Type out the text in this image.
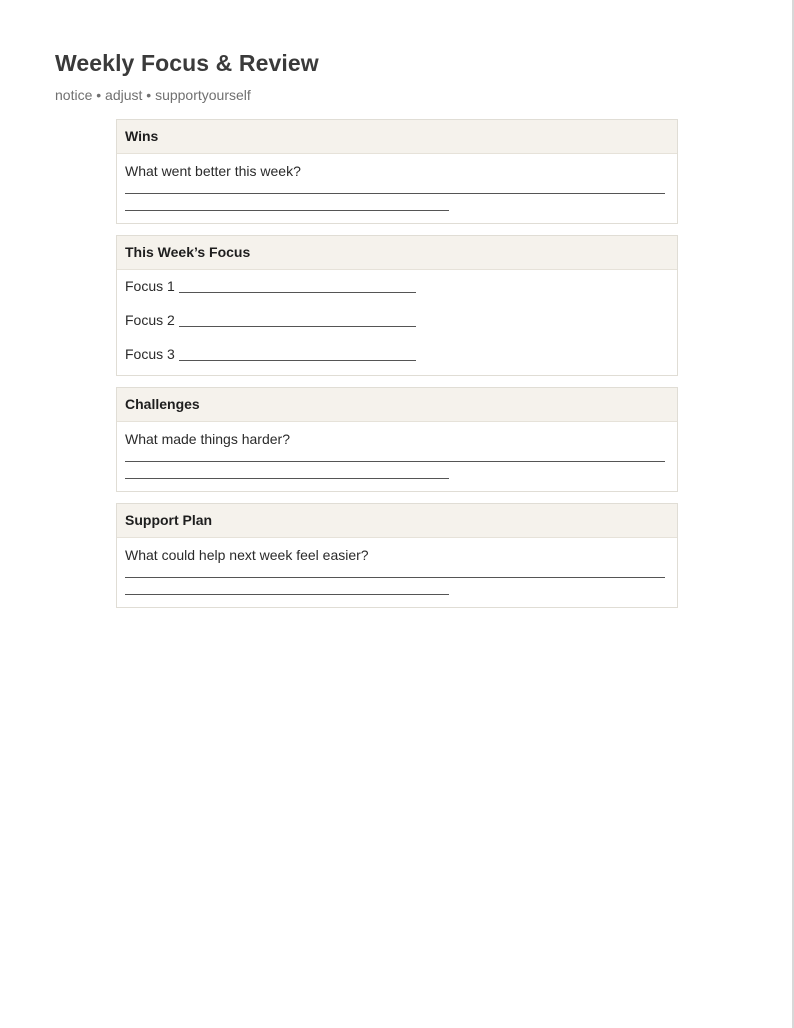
Weekly Focus & Review

notice • adjust • supportyourself

Wins
What went better this week?
This Week’s Focus
Focus 1
Focus 2
Focus 3
Challenges
What made things harder?
Support Plan
What could help next week feel easier?
